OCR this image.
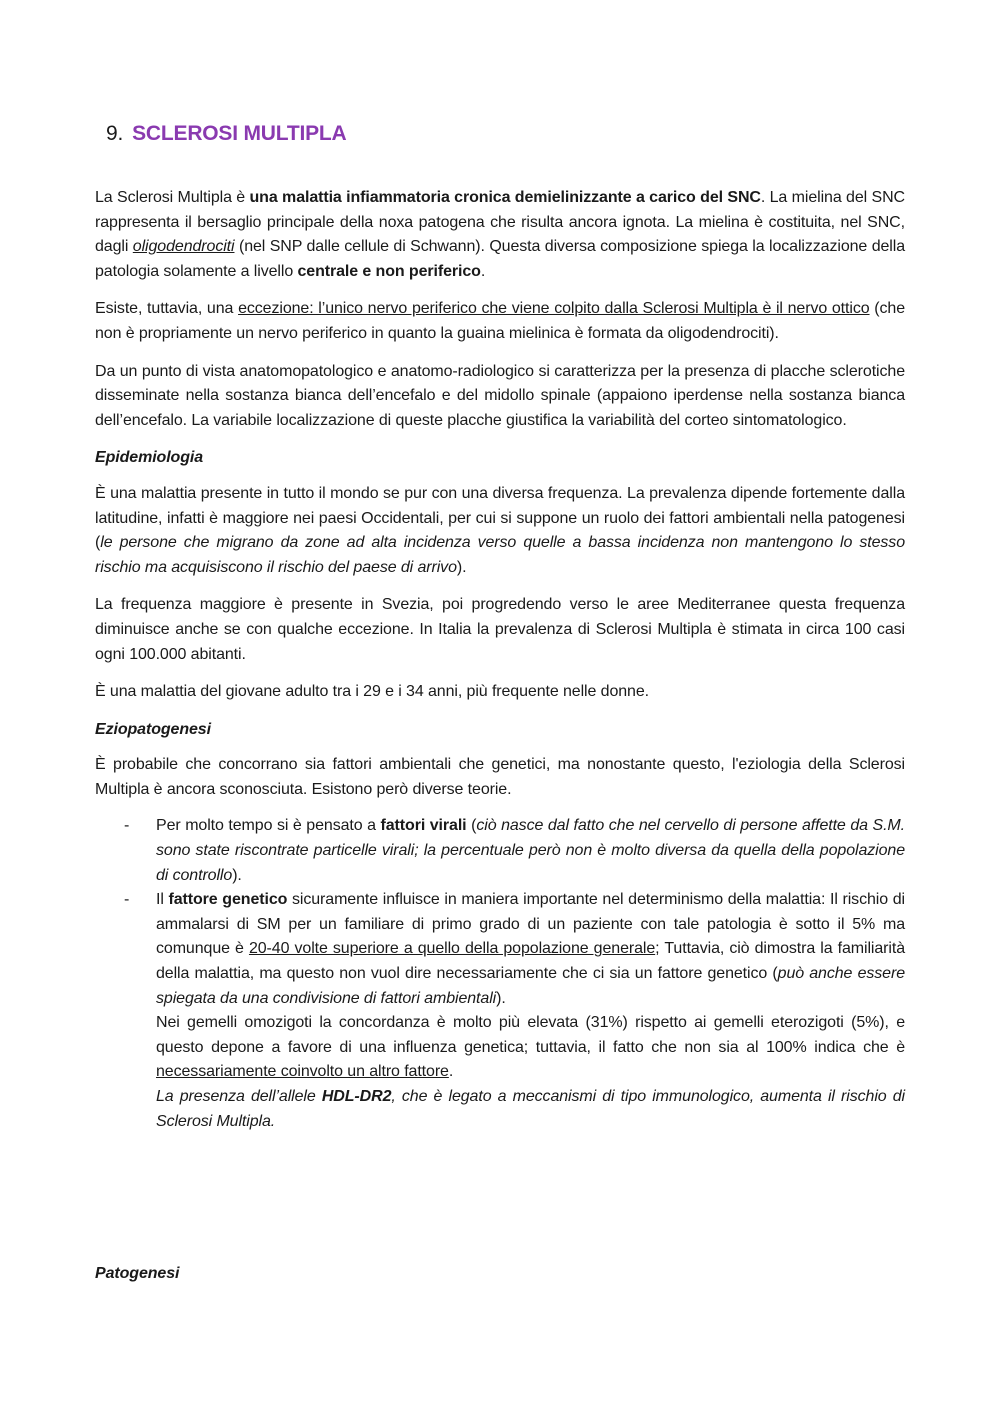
9. SCLEROSI MULTIPLA

La Sclerosi Multipla è una malattia infiammatoria cronica demielinizzante a carico del SNC. La mielina del SNC rappresenta il bersaglio principale della noxa patogena che risulta ancora ignota. La mielina è costituita, nel SNC, dagli oligodendrociti (nel SNP dalle cellule di Schwann). Questa diversa composizione spiega la localizzazione della patologia solamente a livello centrale e non periferico.

Esiste, tuttavia, una eccezione: l’unico nervo periferico che viene colpito dalla Sclerosi Multipla è il nervo ottico (che non è propriamente un nervo periferico in quanto la guaina mielinica è formata da oligodendrociti).

Da un punto di vista anatomopatologico e anatomo-radiologico si caratterizza per la presenza di placche sclerotiche disseminate nella sostanza bianca dell’encefalo e del midollo spinale (appaiono iperdense nella sostanza bianca dell’encefalo. La variabile localizzazione di queste placche giustifica la variabilità del corteo sintomatologico.

Epidemiologia

È una malattia presente in tutto il mondo se pur con una diversa frequenza. La prevalenza dipende fortemente dalla latitudine, infatti è maggiore nei paesi Occidentali, per cui si suppone un ruolo dei fattori ambientali nella patogenesi (le persone che migrano da zone ad alta incidenza verso quelle a bassa incidenza non mantengono lo stesso rischio ma acquisiscono il rischio del paese di arrivo).

La frequenza maggiore è presente in Svezia, poi progredendo verso le aree Mediterranee questa frequenza diminuisce anche se con qualche eccezione. In Italia la prevalenza di Sclerosi Multipla è stimata in circa 100 casi ogni 100.000 abitanti.

È una malattia del giovane adulto tra i 29 e i 34 anni, più frequente nelle donne.

Eziopatogenesi

È probabile che concorrano sia fattori ambientali che genetici, ma nonostante questo, l'eziologia della Sclerosi Multipla è ancora sconosciuta. Esistono però diverse teorie.

- Per molto tempo si è pensato a fattori virali (ciò nasce dal fatto che nel cervello di persone affette da S.M. sono state riscontrate particelle virali; la percentuale però non è molto diversa da quella della popolazione di controllo).

- Il fattore genetico sicuramente influisce in maniera importante nel determinismo della malattia: Il rischio di ammalarsi di SM per un familiare di primo grado di un paziente con tale patologia è sotto il 5% ma comunque è 20-40 volte superiore a quello della popolazione generale; Tuttavia, ciò dimostra la familiarità della malattia, ma questo non vuol dire necessariamente che ci sia un fattore genetico (può anche essere spiegata da una condivisione di fattori ambientali).

Nei gemelli omozigoti la concordanza è molto più elevata (31%) rispetto ai gemelli eterozigoti (5%), e questo depone a favore di una influenza genetica; tuttavia, il fatto che non sia al 100% indica che è necessariamente coinvolto un altro fattore.

La presenza dell’allele HDL-DR2, che è legato a meccanismi di tipo immunologico, aumenta il rischio di Sclerosi Multipla.

Patogenesi
